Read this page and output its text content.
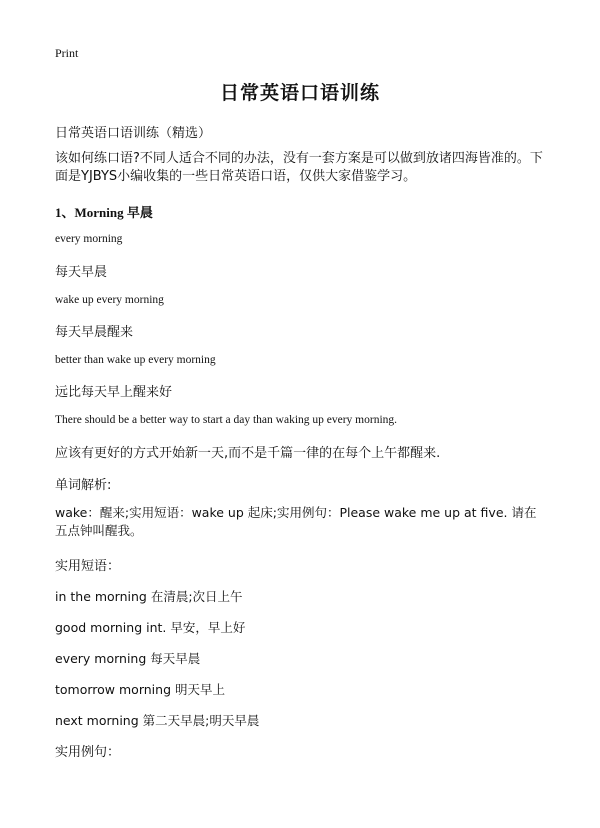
Print
日常英语口语训练
日常英语口语训练（精选）
该如何练口语?不同人适合不同的办法，没有一套方案是可以做到放诸四海皆准的。下面是YJBYS小编收集的一些日常英语口语，仅供大家借鉴学习。
1、Morning 早晨
every morning
每天早晨
wake up every morning
每天早晨醒来
better than wake up every morning
远比每天早上醒来好
There should be a better way to start a day than waking up every morning.
应该有更好的方式开始新一天,而不是千篇一律的在每个上午都醒来.
单词解析:
wake：醒来;实用短语：wake up 起床;实用例句：Please wake me up at five. 请在五点钟叫醒我。
实用短语：
in the morning 在清晨;次日上午
good morning int. 早安，早上好
every morning 每天早晨
tomorrow morning 明天早上
next morning 第二天早晨;明天早晨
实用例句：
